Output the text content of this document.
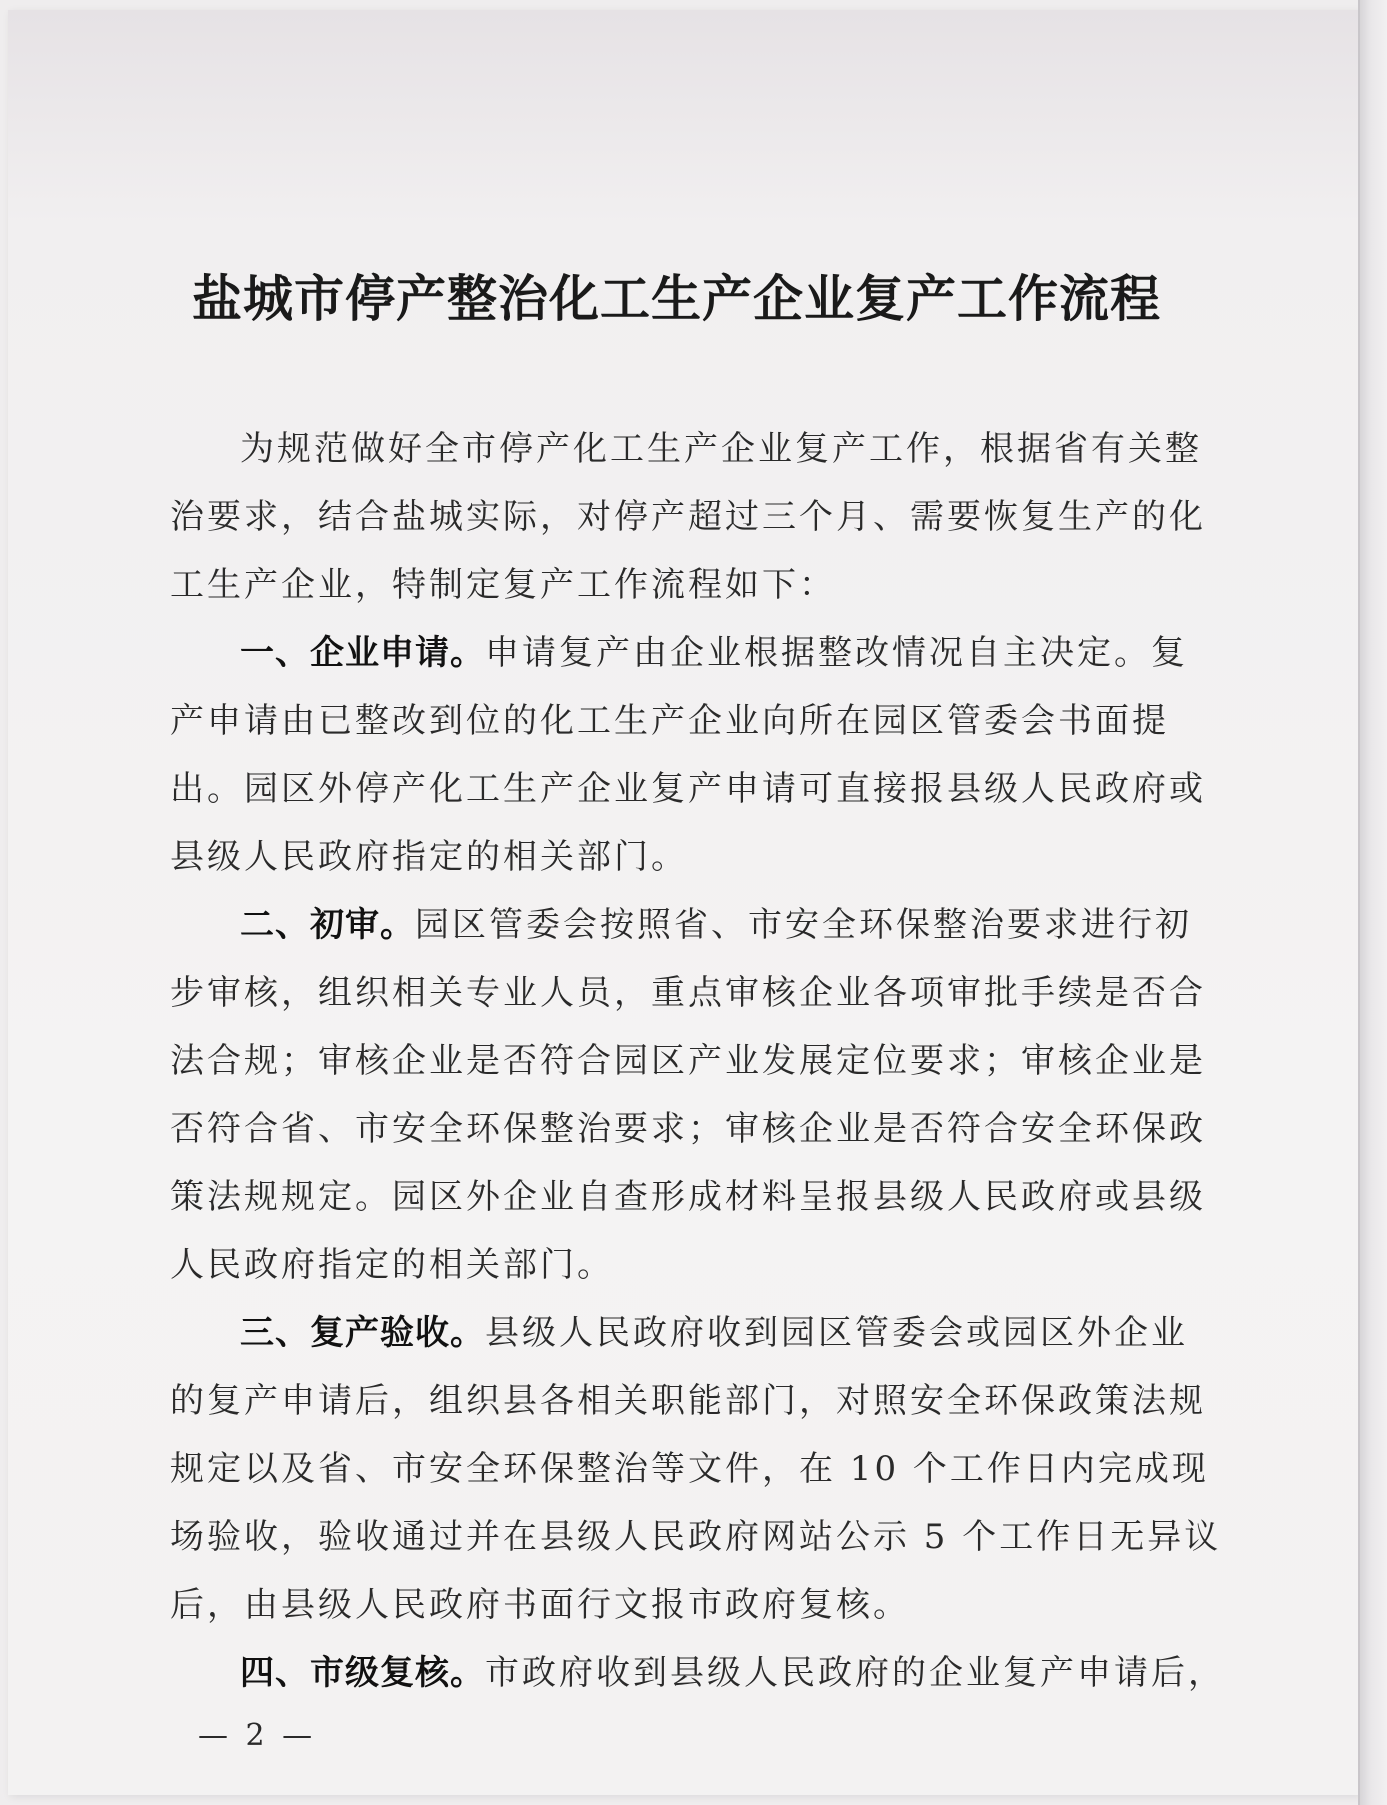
盐城市停产整治化工生产企业复产工作流程
为规范做好全市停产化工生产企业复产工作，根据省有关整
治要求，结合盐城实际，对停产超过三个月、需要恢复生产的化
工生产企业，特制定复产工作流程如下：
一、企业申请。申请复产由企业根据整改情况自主决定。复
产申请由已整改到位的化工生产企业向所在园区管委会书面提
出。园区外停产化工生产企业复产申请可直接报县级人民政府或
县级人民政府指定的相关部门。
二、初审。园区管委会按照省、市安全环保整治要求进行初
步审核，组织相关专业人员，重点审核企业各项审批手续是否合
法合规；审核企业是否符合园区产业发展定位要求；审核企业是
否符合省、市安全环保整治要求；审核企业是否符合安全环保政
策法规规定。园区外企业自查形成材料呈报县级人民政府或县级
人民政府指定的相关部门。
三、复产验收。县级人民政府收到园区管委会或园区外企业
的复产申请后，组织县各相关职能部门，对照安全环保政策法规
规定以及省、市安全环保整治等文件，在 10 个工作日内完成现
场验收，验收通过并在县级人民政府网站公示 5 个工作日无异议
后，由县级人民政府书面行文报市政府复核。
四、市级复核。市政府收到县级人民政府的企业复产申请后，
— 2 —
